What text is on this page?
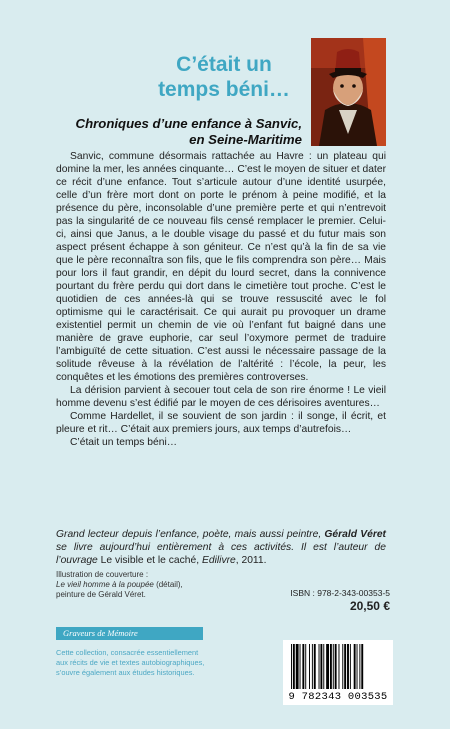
C’était un
temps béni…
Chroniques d’une enfance à Sanvic,
en Seine-Maritime

Sanvic, commune désormais rattachée au Havre : un plateau qui domine la mer, les années cinquante… C’est le moyen de situer et dater ce récit d’une enfance. Tout s’articule autour d’une identité usurpée, celle d’un frère mort dont on porte le prénom à peine modifié, et la présence du père, inconsolable d’une première perte et qui n’entrevoit pas la singularité de ce nouveau fils censé remplacer le premier. Celui-ci, ainsi que Janus, a le double visage du passé et du futur mais son aspect présent échappe à son géniteur. Ce n’est qu’à la fin de sa vie que le père reconnaîtra son fils, que le fils comprendra son père… Mais pour lors il faut grandir, en dépit du lourd secret, dans la connivence pourtant du frère perdu qui dort dans le cimetière tout proche. C’est le quotidien de ces années-là qui se trouve ressuscité avec le fol optimisme qui le caractérisait. Ce qui aurait pu provoquer un drame existentiel permit un chemin de vie où l’enfant fut baigné dans une manière de grave euphorie, car seul l’oxymore permet de traduire l’ambiguïté de cette situation. C’est aussi le nécessaire passage de la solitude rêveuse à la révélation de l’altérité : l’école, la peur, les conquêtes et les émotions des premières controverses.

La dérision parvient à secouer tout cela de son rire énorme ! Le vieil homme devenu s’est édifié par le moyen de ces dérisoires aventures…

Comme Hardellet, il se souvient de son jardin : il songe, il écrit, et pleure et rit… C’était aux premiers jours, aux temps d’autrefois…

C’était un temps béni…

Grand lecteur depuis l’enfance, poète, mais aussi peintre, Gérald Véret se livre aujourd’hui entièrement à ces activités. Il est l’auteur de l’ouvrage Le visible et le caché, Edilivre, 2011.

Illustration de couverture :
Le vieil homme à la poupée (détail),
peinture de Gérald Véret.	ISBN : 978-2-343-00353-5
20,50 €
Graveurs de Mémoire
Cette collection, consacrée essentiellement aux récits de vie et textes autobiographiques, s’ouvre également aux études historiques.
9 782343 003535
